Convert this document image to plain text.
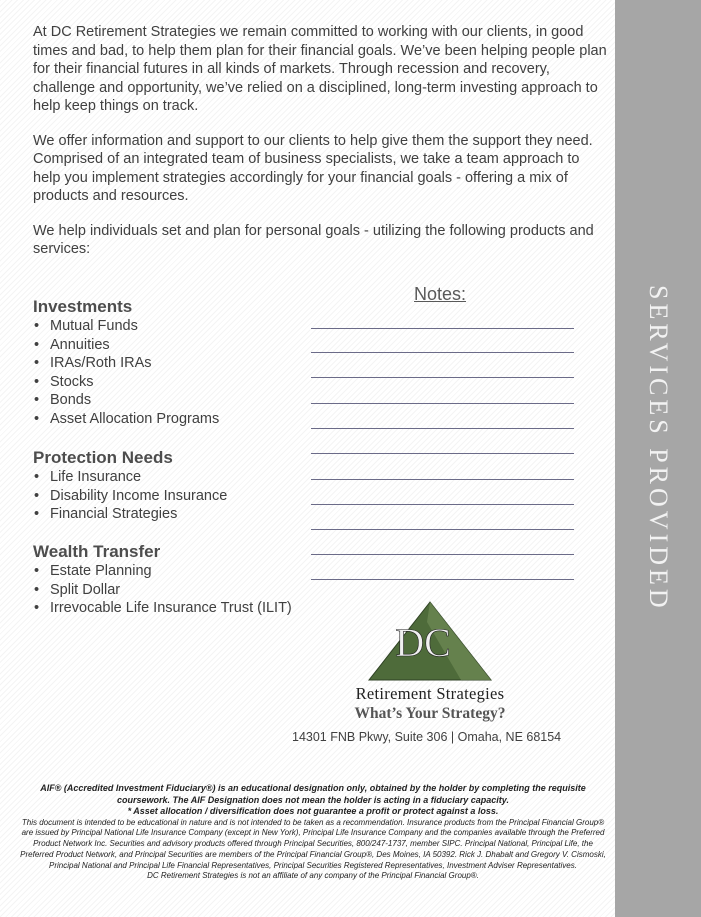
At DC Retirement Strategies we remain committed to working with our clients, in good times and bad, to help them plan for their financial goals. We’ve been helping people plan for their financial futures in all kinds of markets. Through recession and recovery, challenge and opportunity, we’ve relied on a disciplined, long-term investing approach to help keep things on track.

We offer information and support to our clients to help give them the support they need. Comprised of an integrated team of business specialists, we take a team approach to help you implement strategies accordingly for your financial goals - offering a mix of products and resources.

We help individuals set and plan for personal goals - utilizing the following products and services:

Investments
• Mutual Funds
• Annuities
• IRAs/Roth IRAs
• Stocks
• Bonds
• Asset Allocation Programs
Protection Needs
• Life Insurance
• Disability Income Insurance
• Financial Strategies
Wealth Transfer
• Estate Planning
• Split Dollar
• Irrevocable Life Insurance Trust (ILIT)
Notes:
DC
Retirement Strategies
What’s Your Strategy?
14301 FNB Pkwy, Suite 306 | Omaha, NE 68154
AIF® (Accredited Investment Fiduciary®) is an educational designation only, obtained by the holder by completing the requisite coursework. The AIF Designation does not mean the holder is acting in a fiduciary capacity.
* Asset allocation / diversification does not guarantee a profit or protect against a loss.
This document is intended to be educational in nature and is not intended to be taken as a recommendation. Insurance products from the Principal Financial Group® are issued by Principal National Life Insurance Company (except in New York), Principal Life Insurance Company and the companies available through the Preferred Product Network Inc. Securities and advisory products offered through Principal Securities, 800/247-1737, member SIPC. Principal National, Principal Life, the Preferred Product Network, and Principal Securities are members of the Principal Financial Group®, Des Moines, IA 50392. Rick J. Dhabalt and Gregory V. Cismoski, Principal National and Principal Life Financial Representatives, Principal Securities Registered Representatives, Investment Adviser Representatives.
DC Retirement Strategies is not an affiliate of any company of the Principal Financial Group®.
SERVICES PROVIDED
